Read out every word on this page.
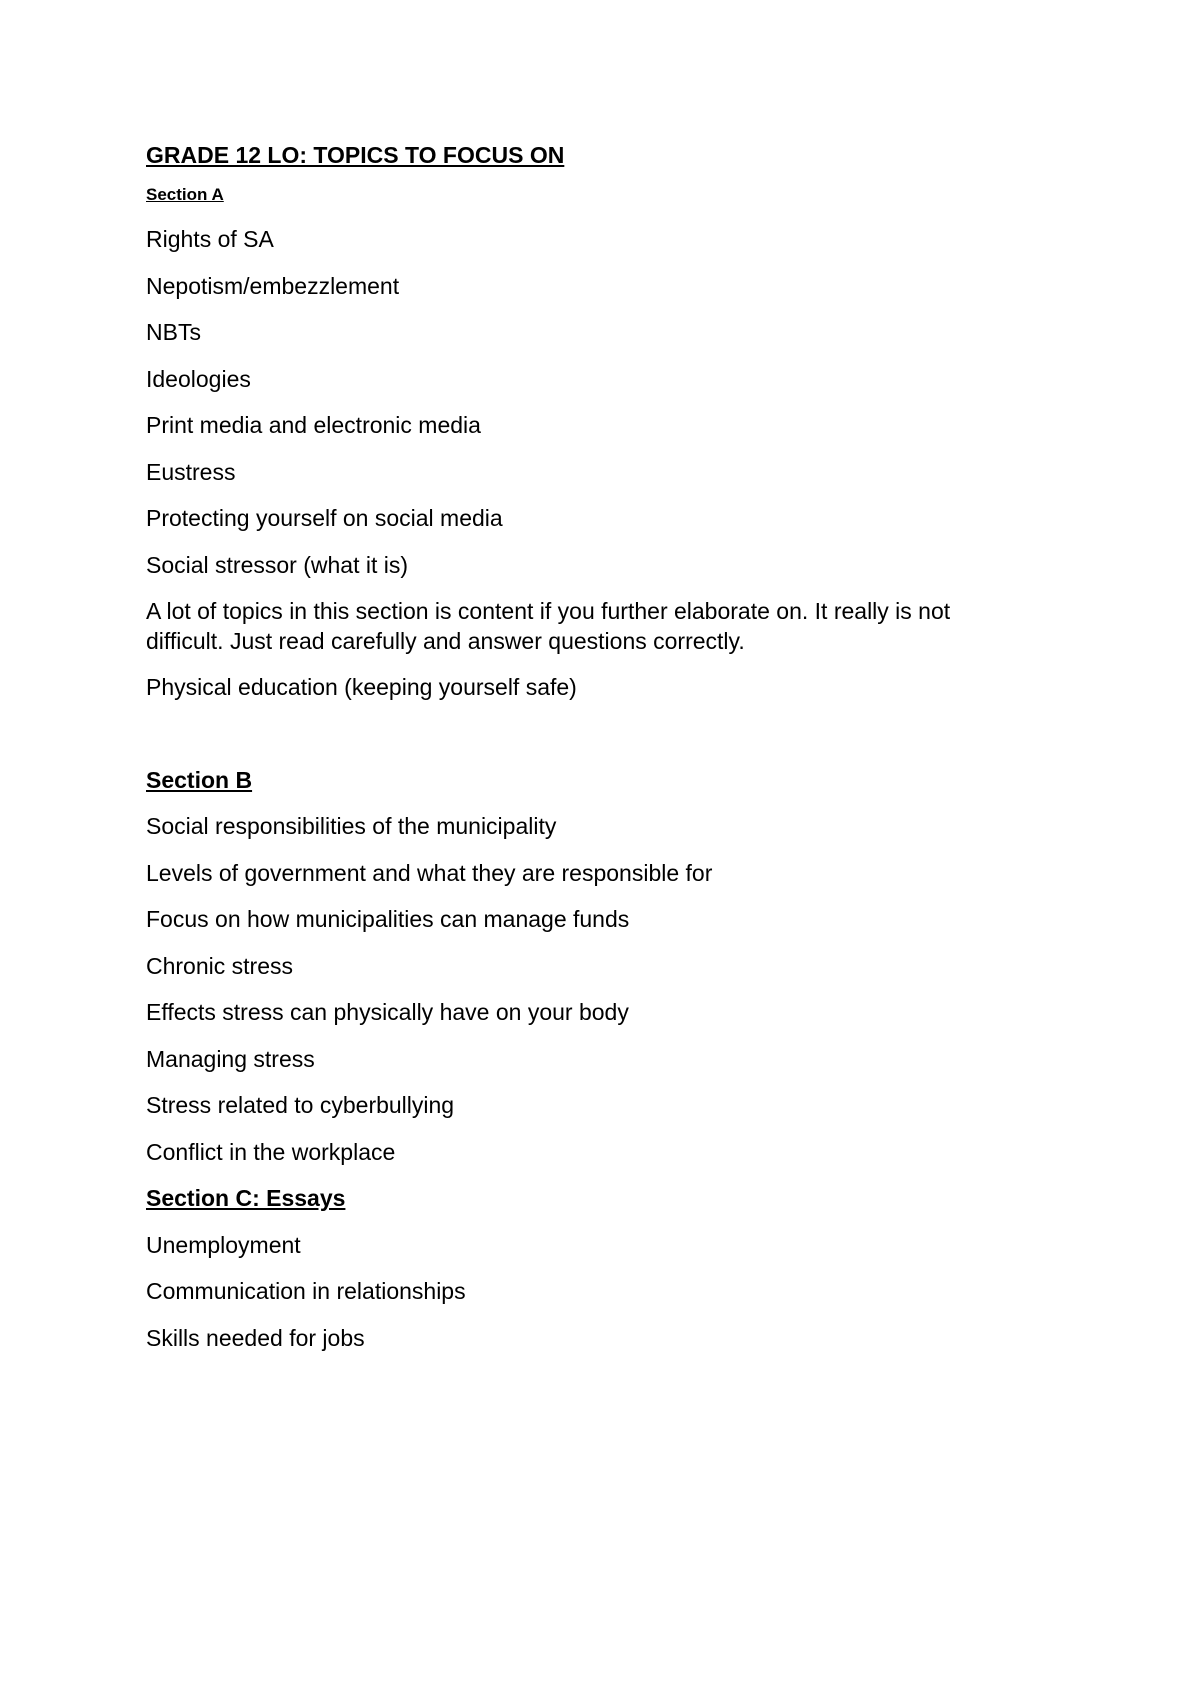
GRADE 12 LO: TOPICS TO FOCUS ON
Section A
Rights of SA
Nepotism/embezzlement
NBTs
Ideologies
Print media and electronic media
Eustress
Protecting yourself on social media
Social stressor (what it is)
A lot of topics in this section is content if you further elaborate on. It really is not difficult. Just read carefully and answer questions correctly.
Physical education (keeping yourself safe)
Section B
Social responsibilities of the municipality
Levels of government and what they are responsible for
Focus on how municipalities can manage funds
Chronic stress
Effects stress can physically have on your body
Managing stress
Stress related to cyberbullying
Conflict in the workplace
Section C: Essays
Unemployment
Communication in relationships
Skills needed for jobs
